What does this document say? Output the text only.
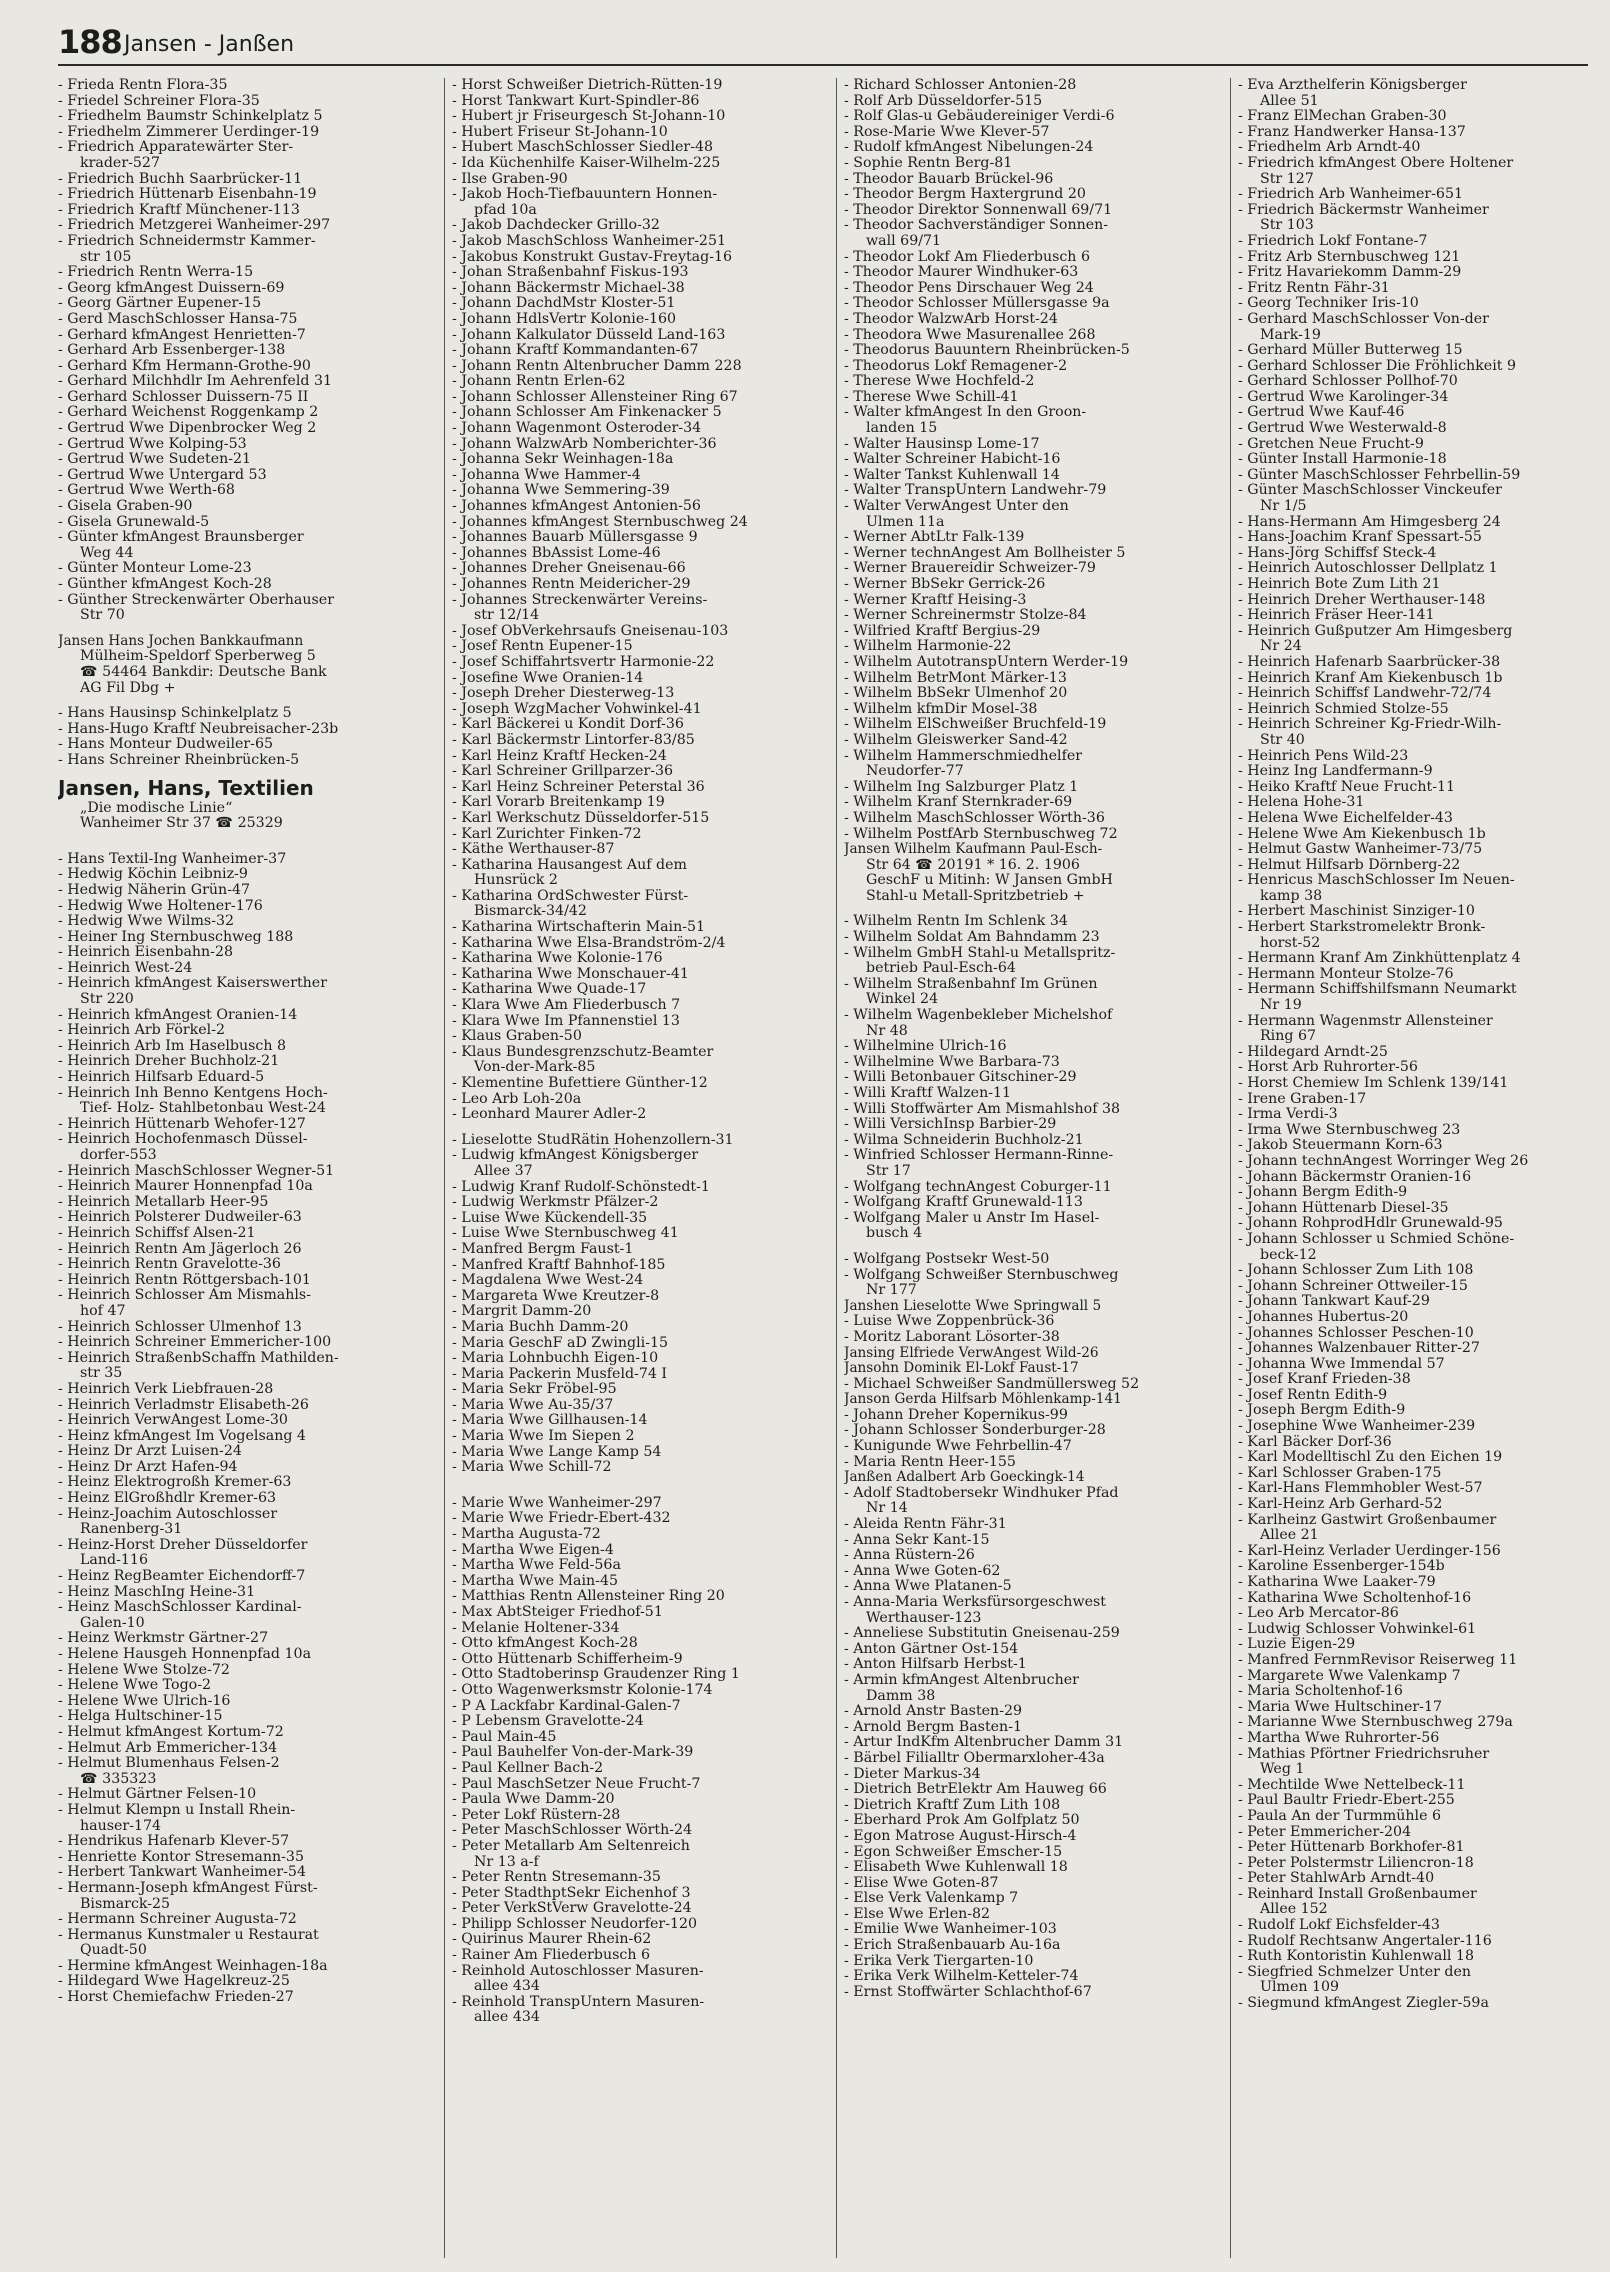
188 Jansen - Janßen
- Frieda Rentn Flora-35
- Friedel Schreiner Flora-35
- Friedhelm Baumstr Schinkelplatz 5
- Friedhelm Zimmerer Uerdinger-19
- Friedrich Apparatewärter Ster-
krader-527
- Friedrich Buchh Saarbrücker-11
- Friedrich Hüttenarb Eisenbahn-19
- Friedrich Kraftf Münchener-113
- Friedrich Metzgerei Wanheimer-297
- Friedrich Schneidermstr Kammer-
str 105
- Friedrich Rentn Werra-15
- Georg kfmAngest Duissern-69
- Georg Gärtner Eupener-15
- Gerd MaschSchlosser Hansa-75
- Gerhard kfmAngest Henrietten-7
- Gerhard Arb Essenberger-138
- Gerhard Kfm Hermann-Grothe-90
- Gerhard Milchhdlr Im Aehrenfeld 31
- Gerhard Schlosser Duissern-75 II
- Gerhard Weichenst Roggenkamp 2
- Gertrud Wwe Dipenbrocker Weg 2
- Gertrud Wwe Kolping-53
- Gertrud Wwe Sudeten-21
- Gertrud Wwe Untergard 53
- Gertrud Wwe Werth-68
- Gisela Graben-90
- Gisela Grunewald-5
- Günter kfmAngest Braunsberger
Weg 44
- Günter Monteur Lome-23
- Günther kfmAngest Koch-28
- Günther Streckenwärter Oberhauser
Str 70
Jansen Hans Jochen Bankkaufmann
Mülheim-Speldorf Sperberweg 5
☎ 54464 Bankdir: Deutsche Bank
AG Fil Dbg +
- Hans Hausinsp Schinkelplatz 5
- Hans-Hugo Kraftf Neubreisacher-23b
- Hans Monteur Dudweiler-65
- Hans Schreiner Rheinbrücken-5
Jansen, Hans, Textilien
„Die modische Linie“
Wanheimer Str 37 ☎ 25329
- Hans Textil-Ing Wanheimer-37
- Hedwig Köchin Leibniz-9
- Hedwig Näherin Grün-47
- Hedwig Wwe Holtener-176
- Hedwig Wwe Wilms-32
- Heiner Ing Sternbuschweg 188
- Heinrich Eisenbahn-28
- Heinrich West-24
- Heinrich kfmAngest Kaiserswerther
Str 220
- Heinrich kfmAngest Oranien-14
- Heinrich Arb Förkel-2
- Heinrich Arb Im Haselbusch 8
- Heinrich Dreher Buchholz-21
- Heinrich Hilfsarb Eduard-5
- Heinrich Inh Benno Kentgens Hoch-
Tief- Holz- Stahlbetonbau West-24
- Heinrich Hüttenarb Wehofer-127
- Heinrich Hochofenmasch Düssel-
dorfer-553
- Heinrich MaschSchlosser Wegner-51
- Heinrich Maurer Honnenpfad 10a
- Heinrich Metallarb Heer-95
- Heinrich Polsterer Dudweiler-63
- Heinrich Schiffsf Alsen-21
- Heinrich Rentn Am Jägerloch 26
- Heinrich Rentn Gravelotte-36
- Heinrich Rentn Röttgersbach-101
- Heinrich Schlosser Am Mismahls-
hof 47
- Heinrich Schlosser Ulmenhof 13
- Heinrich Schreiner Emmericher-100
- Heinrich StraßenbSchaffn Mathilden-
str 35
- Heinrich Verk Liebfrauen-28
- Heinrich Verladmstr Elisabeth-26
- Heinrich VerwAngest Lome-30
- Heinz kfmAngest Im Vogelsang 4
- Heinz Dr Arzt Luisen-24
- Heinz Dr Arzt Hafen-94
- Heinz Elektrogroßh Kremer-63
- Heinz ElGroßhdlr Kremer-63
- Heinz-Joachim Autoschlosser
Ranenberg-31
- Heinz-Horst Dreher Düsseldorfer
Land-116
- Heinz RegBeamter Eichendorff-7
- Heinz MaschIng Heine-31
- Heinz MaschSchlosser Kardinal-
Galen-10
- Heinz Werkmstr Gärtner-27
- Helene Hausgeh Honnenpfad 10a
- Helene Wwe Stolze-72
- Helene Wwe Togo-2
- Helene Wwe Ulrich-16
- Helga Hultschiner-15
- Helmut kfmAngest Kortum-72
- Helmut Arb Emmericher-134
- Helmut Blumenhaus Felsen-2
☎ 335323
- Helmut Gärtner Felsen-10
- Helmut Klempn u Install Rhein-
hauser-174
- Hendrikus Hafenarb Klever-57
- Henriette Kontor Stresemann-35
- Herbert Tankwart Wanheimer-54
- Hermann-Joseph kfmAngest Fürst-
Bismarck-25
- Hermann Schreiner Augusta-72
- Hermanus Kunstmaler u Restaurat
Quadt-50
- Hermine kfmAngest Weinhagen-18a
- Hildegard Wwe Hagelkreuz-25
- Horst Chemiefachw Frieden-27
- Horst Schweißer Dietrich-Rütten-19
- Horst Tankwart Kurt-Spindler-86
- Hubert jr Friseurgesch St-Johann-10
- Hubert Friseur St-Johann-10
- Hubert MaschSchlosser Siedler-48
- Ida Küchenhilfe Kaiser-Wilhelm-225
- Ilse Graben-90
- Jakob Hoch-Tiefbauuntern Honnen-
pfad 10a
- Jakob Dachdecker Grillo-32
- Jakob MaschSchloss Wanheimer-251
- Jakobus Konstrukt Gustav-Freytag-16
- Johan Straßenbahnf Fiskus-193
- Johann Bäckermstr Michael-38
- Johann DachdMstr Kloster-51
- Johann HdlsVertr Kolonie-160
- Johann Kalkulator Düsseld Land-163
- Johann Kraftf Kommandanten-67
- Johann Rentn Altenbrucher Damm 228
- Johann Rentn Erlen-62
- Johann Schlosser Allensteiner Ring 67
- Johann Schlosser Am Finkenacker 5
- Johann Wagenmont Osteroder-34
- Johann WalzwArb Nomberichter-36
- Johanna Sekr Weinhagen-18a
- Johanna Wwe Hammer-4
- Johanna Wwe Semmering-39
- Johannes kfmAngest Antonien-56
- Johannes kfmAngest Sternbuschweg 24
- Johannes Bauarb Müllersgasse 9
- Johannes BbAssist Lome-46
- Johannes Dreher Gneisenau-66
- Johannes Rentn Meidericher-29
- Johannes Streckenwärter Vereins-
str 12/14
- Josef ObVerkehrsaufs Gneisenau-103
- Josef Rentn Eupener-15
- Josef Schiffahrtsvertr Harmonie-22
- Josefine Wwe Oranien-14
- Joseph Dreher Diesterweg-13
- Joseph WzgMacher Vohwinkel-41
- Karl Bäckerei u Kondit Dorf-36
- Karl Bäckermstr Lintorfer-83/85
- Karl Heinz Kraftf Hecken-24
- Karl Schreiner Grillparzer-36
- Karl Heinz Schreiner Peterstal 36
- Karl Vorarb Breitenkamp 19
- Karl Werkschutz Düsseldorfer-515
- Karl Zurichter Finken-72
- Käthe Werthauser-87
- Katharina Hausangest Auf dem
Hunsrück 2
- Katharina OrdSchwester Fürst-
Bismarck-34/42
- Katharina Wirtschafterin Main-51
- Katharina Wwe Elsa-Brandström-2/4
- Katharina Wwe Kolonie-176
- Katharina Wwe Monschauer-41
- Katharina Wwe Quade-17
- Klara Wwe Am Fliederbusch 7
- Klara Wwe Im Pfannenstiel 13
- Klaus Graben-50
- Klaus Bundesgrenzschutz-Beamter
Von-der-Mark-85
- Klementine Bufettiere Günther-12
- Leo Arb Loh-20a
- Leonhard Maurer Adler-2
- Lieselotte StudRätin Hohenzollern-31
- Ludwig kfmAngest Königsberger
Allee 37
- Ludwig Kranf Rudolf-Schönstedt-1
- Ludwig Werkmstr Pfälzer-2
- Luise Wwe Kückendell-35
- Luise Wwe Sternbuschweg 41
- Manfred Bergm Faust-1
- Manfred Kraftf Bahnhof-185
- Magdalena Wwe West-24
- Margareta Wwe Kreutzer-8
- Margrit Damm-20
- Maria Buchh Damm-20
- Maria GeschF aD Zwingli-15
- Maria Lohnbuchh Eigen-10
- Maria Packerin Musfeld-74 I
- Maria Sekr Fröbel-95
- Maria Wwe Au-35/37
- Maria Wwe Gillhausen-14
- Maria Wwe Im Siepen 2
- Maria Wwe Lange Kamp 54
- Maria Wwe Schill-72
- Marie Wwe Wanheimer-297
- Marie Wwe Friedr-Ebert-432
- Martha Augusta-72
- Martha Wwe Eigen-4
- Martha Wwe Feld-56a
- Martha Wwe Main-45
- Matthias Rentn Allensteiner Ring 20
- Max AbtSteiger Friedhof-51
- Melanie Holtener-334
- Otto kfmAngest Koch-28
- Otto Hüttenarb Schifferheim-9
- Otto Stadtoberinsp Graudenzer Ring 1
- Otto Wagenwerksmstr Kolonie-174
- P A Lackfabr Kardinal-Galen-7
- P Lebensm Gravelotte-24
- Paul Main-45
- Paul Bauhelfer Von-der-Mark-39
- Paul Kellner Bach-2
- Paul MaschSetzer Neue Frucht-7
- Paula Wwe Damm-20
- Peter Lokf Rüstern-28
- Peter MaschSchlosser Wörth-24
- Peter Metallarb Am Seltenreich
Nr 13 a-f
- Peter Rentn Stresemann-35
- Peter StadthptSekr Eichenhof 3
- Peter VerkStVerw Gravelotte-24
- Philipp Schlosser Neudorfer-120
- Quirinus Maurer Rhein-62
- Rainer Am Fliederbusch 6
- Reinhold Autoschlosser Masuren-
allee 434
- Reinhold TranspUntern Masuren-
allee 434
- Richard Schlosser Antonien-28
- Rolf Arb Düsseldorfer-515
- Rolf Glas-u Gebäudereiniger Verdi-6
- Rose-Marie Wwe Klever-57
- Rudolf kfmAngest Nibelungen-24
- Sophie Rentn Berg-81
- Theodor Bauarb Brückel-96
- Theodor Bergm Haxtergrund 20
- Theodor Direktor Sonnenwall 69/71
- Theodor Sachverständiger Sonnen-
wall 69/71
- Theodor Lokf Am Fliederbusch 6
- Theodor Maurer Windhuker-63
- Theodor Pens Dirschauer Weg 24
- Theodor Schlosser Müllersgasse 9a
- Theodor WalzwArb Horst-24
- Theodora Wwe Masurenallee 268
- Theodorus Bauuntern Rheinbrücken-5
- Theodorus Lokf Remagener-2
- Therese Wwe Hochfeld-2
- Therese Wwe Schill-41
- Walter kfmAngest In den Groon-
landen 15
- Walter Hausinsp Lome-17
- Walter Schreiner Habicht-16
- Walter Tankst Kuhlenwall 14
- Walter TranspUntern Landwehr-79
- Walter VerwAngest Unter den
Ulmen 11a
- Werner AbtLtr Falk-139
- Werner technAngest Am Bollheister 5
- Werner Brauereidir Schweizer-79
- Werner BbSekr Gerrick-26
- Werner Kraftf Heising-3
- Werner Schreinermstr Stolze-84
- Wilfried Kraftf Bergius-29
- Wilhelm Harmonie-22
- Wilhelm AutotranspUntern Werder-19
- Wilhelm BetrMont Märker-13
- Wilhelm BbSekr Ulmenhof 20
- Wilhelm kfmDir Mosel-38
- Wilhelm ElSchweißer Bruchfeld-19
- Wilhelm Gleiswerker Sand-42
- Wilhelm Hammerschmiedhelfer
Neudorfer-77
- Wilhelm Ing Salzburger Platz 1
- Wilhelm Kranf Sternkrader-69
- Wilhelm MaschSchlosser Wörth-36
- Wilhelm PostfArb Sternbuschweg 72
Jansen Wilhelm Kaufmann Paul-Esch-
Str 64 ☎ 20191 * 16. 2. 1906
GeschF u Mitinh: W Jansen GmbH
Stahl-u Metall-Spritzbetrieb +
- Wilhelm Rentn Im Schlenk 34
- Wilhelm Soldat Am Bahndamm 23
- Wilhelm GmbH Stahl-u Metallspritz-
betrieb Paul-Esch-64
- Wilhelm Straßenbahnf Im Grünen
Winkel 24
- Wilhelm Wagenbekleber Michelshof
Nr 48
- Wilhelmine Ulrich-16
- Wilhelmine Wwe Barbara-73
- Willi Betonbauer Gitschiner-29
- Willi Kraftf Walzen-11
- Willi Stoffwärter Am Mismahlshof 38
- Willi VersichInsp Barbier-29
- Wilma Schneiderin Buchholz-21
- Winfried Schlosser Hermann-Rinne-
Str 17
- Wolfgang technAngest Coburger-11
- Wolfgang Kraftf Grunewald-113
- Wolfgang Maler u Anstr Im Hasel-
busch 4
- Wolfgang Postsekr West-50
- Wolfgang Schweißer Sternbuschweg
Nr 177
Janshen Lieselotte Wwe Springwall 5
- Luise Wwe Zoppenbrück-36
- Moritz Laborant Lösorter-38
Jansing Elfriede VerwAngest Wild-26
Jansohn Dominik El-Lokf Faust-17
- Michael Schweißer Sandmüllersweg 52
Janson Gerda Hilfsarb Möhlenkamp-141
- Johann Dreher Kopernikus-99
- Johann Schlosser Sonderburger-28
- Kunigunde Wwe Fehrbellin-47
- Maria Rentn Heer-155
Janßen Adalbert Arb Goeckingk-14
- Adolf Stadtobersekr Windhuker Pfad
Nr 14
- Aleida Rentn Fähr-31
- Anna Sekr Kant-15
- Anna Rüstern-26
- Anna Wwe Goten-62
- Anna Wwe Platanen-5
- Anna-Maria Werksfürsorgeschwest
Werthauser-123
- Anneliese Substitutin Gneisenau-259
- Anton Gärtner Ost-154
- Anton Hilfsarb Herbst-1
- Armin kfmAngest Altenbrucher
Damm 38
- Arnold Anstr Basten-29
- Arnold Bergm Basten-1
- Artur IndKfm Altenbrucher Damm 31
- Bärbel Filialltr Obermarxloher-43a
- Dieter Markus-34
- Dietrich BetrElektr Am Hauweg 66
- Dietrich Kraftf Zum Lith 108
- Eberhard Prok Am Golfplatz 50
- Egon Matrose August-Hirsch-4
- Egon Schweißer Emscher-15
- Elisabeth Wwe Kuhlenwall 18
- Elise Wwe Goten-87
- Else Verk Valenkamp 7
- Else Wwe Erlen-82
- Emilie Wwe Wanheimer-103
- Erich Straßenbauarb Au-16a
- Erika Verk Tiergarten-10
- Erika Verk Wilhelm-Ketteler-74
- Ernst Stoffwärter Schlachthof-67
- Eva Arzthelferin Königsberger
Allee 51
- Franz ElMechan Graben-30
- Franz Handwerker Hansa-137
- Friedhelm Arb Arndt-40
- Friedrich kfmAngest Obere Holtener
Str 127
- Friedrich Arb Wanheimer-651
- Friedrich Bäckermstr Wanheimer
Str 103
- Friedrich Lokf Fontane-7
- Fritz Arb Sternbuschweg 121
- Fritz Havariekomm Damm-29
- Fritz Rentn Fähr-31
- Georg Techniker Iris-10
- Gerhard MaschSchlosser Von-der
Mark-19
- Gerhard Müller Butterweg 15
- Gerhard Schlosser Die Fröhlichkeit 9
- Gerhard Schlosser Pollhof-70
- Gertrud Wwe Karolinger-34
- Gertrud Wwe Kauf-46
- Gertrud Wwe Westerwald-8
- Gretchen Neue Frucht-9
- Günter Install Harmonie-18
- Günter MaschSchlosser Fehrbellin-59
- Günter MaschSchlosser Vinckeufer
Nr 1/5
- Hans-Hermann Am Himgesberg 24
- Hans-Joachim Kranf Spessart-55
- Hans-Jörg Schiffsf Steck-4
- Heinrich Autoschlosser Dellplatz 1
- Heinrich Bote Zum Lith 21
- Heinrich Dreher Werthauser-148
- Heinrich Fräser Heer-141
- Heinrich Gußputzer Am Himgesberg
Nr 24
- Heinrich Hafenarb Saarbrücker-38
- Heinrich Kranf Am Kiekenbusch 1b
- Heinrich Schiffsf Landwehr-72/74
- Heinrich Schmied Stolze-55
- Heinrich Schreiner Kg-Friedr-Wilh-
Str 40
- Heinrich Pens Wild-23
- Heinz Ing Landfermann-9
- Heiko Kraftf Neue Frucht-11
- Helena Hohe-31
- Helena Wwe Eichelfelder-43
- Helene Wwe Am Kiekenbusch 1b
- Helmut Gastw Wanheimer-73/75
- Helmut Hilfsarb Dörnberg-22
- Henricus MaschSchlosser Im Neuen-
kamp 38
- Herbert Maschinist Sinziger-10
- Herbert Starkstromelektr Bronk-
horst-52
- Hermann Kranf Am Zinkhüttenplatz 4
- Hermann Monteur Stolze-76
- Hermann Schiffshilfsmann Neumarkt
Nr 19
- Hermann Wagenmstr Allensteiner
Ring 67
- Hildegard Arndt-25
- Horst Arb Ruhrorter-56
- Horst Chemiew Im Schlenk 139/141
- Irene Graben-17
- Irma Verdi-3
- Irma Wwe Sternbuschweg 23
- Jakob Steuermann Korn-63
- Johann technAngest Worringer Weg 26
- Johann Bäckermstr Oranien-16
- Johann Bergm Edith-9
- Johann Hüttenarb Diesel-35
- Johann RohprodHdlr Grunewald-95
- Johann Schlosser u Schmied Schöne-
beck-12
- Johann Schlosser Zum Lith 108
- Johann Schreiner Ottweiler-15
- Johann Tankwart Kauf-29
- Johannes Hubertus-20
- Johannes Schlosser Peschen-10
- Johannes Walzenbauer Ritter-27
- Johanna Wwe Immendal 57
- Josef Kranf Frieden-38
- Josef Rentn Edith-9
- Joseph Bergm Edith-9
- Josephine Wwe Wanheimer-239
- Karl Bäcker Dorf-36
- Karl Modelltischl Zu den Eichen 19
- Karl Schlosser Graben-175
- Karl-Hans Flemmhobler West-57
- Karl-Heinz Arb Gerhard-52
- Karlheinz Gastwirt Großenbaumer
Allee 21
- Karl-Heinz Verlader Uerdinger-156
- Karoline Essenberger-154b
- Katharina Wwe Laaker-79
- Katharina Wwe Scholtenhof-16
- Leo Arb Mercator-86
- Ludwig Schlosser Vohwinkel-61
- Luzie Eigen-29
- Manfred FernmRevisor Reiserweg 11
- Margarete Wwe Valenkamp 7
- Maria Scholtenhof-16
- Maria Wwe Hultschiner-17
- Marianne Wwe Sternbuschweg 279a
- Martha Wwe Ruhrorter-56
- Mathias Pförtner Friedrichsruher
Weg 1
- Mechtilde Wwe Nettelbeck-11
- Paul Baultr Friedr-Ebert-255
- Paula An der Turmmühle 6
- Peter Emmericher-204
- Peter Hüttenarb Borkhofer-81
- Peter Polstermstr Liliencron-18
- Peter StahlwArb Arndt-40
- Reinhard Install Großenbaumer
Allee 152
- Rudolf Lokf Eichsfelder-43
- Rudolf Rechtsanw Angertaler-116
- Ruth Kontoristin Kuhlenwall 18
- Siegfried Schmelzer Unter den
Ulmen 109
- Siegmund kfmAngest Ziegler-59a
